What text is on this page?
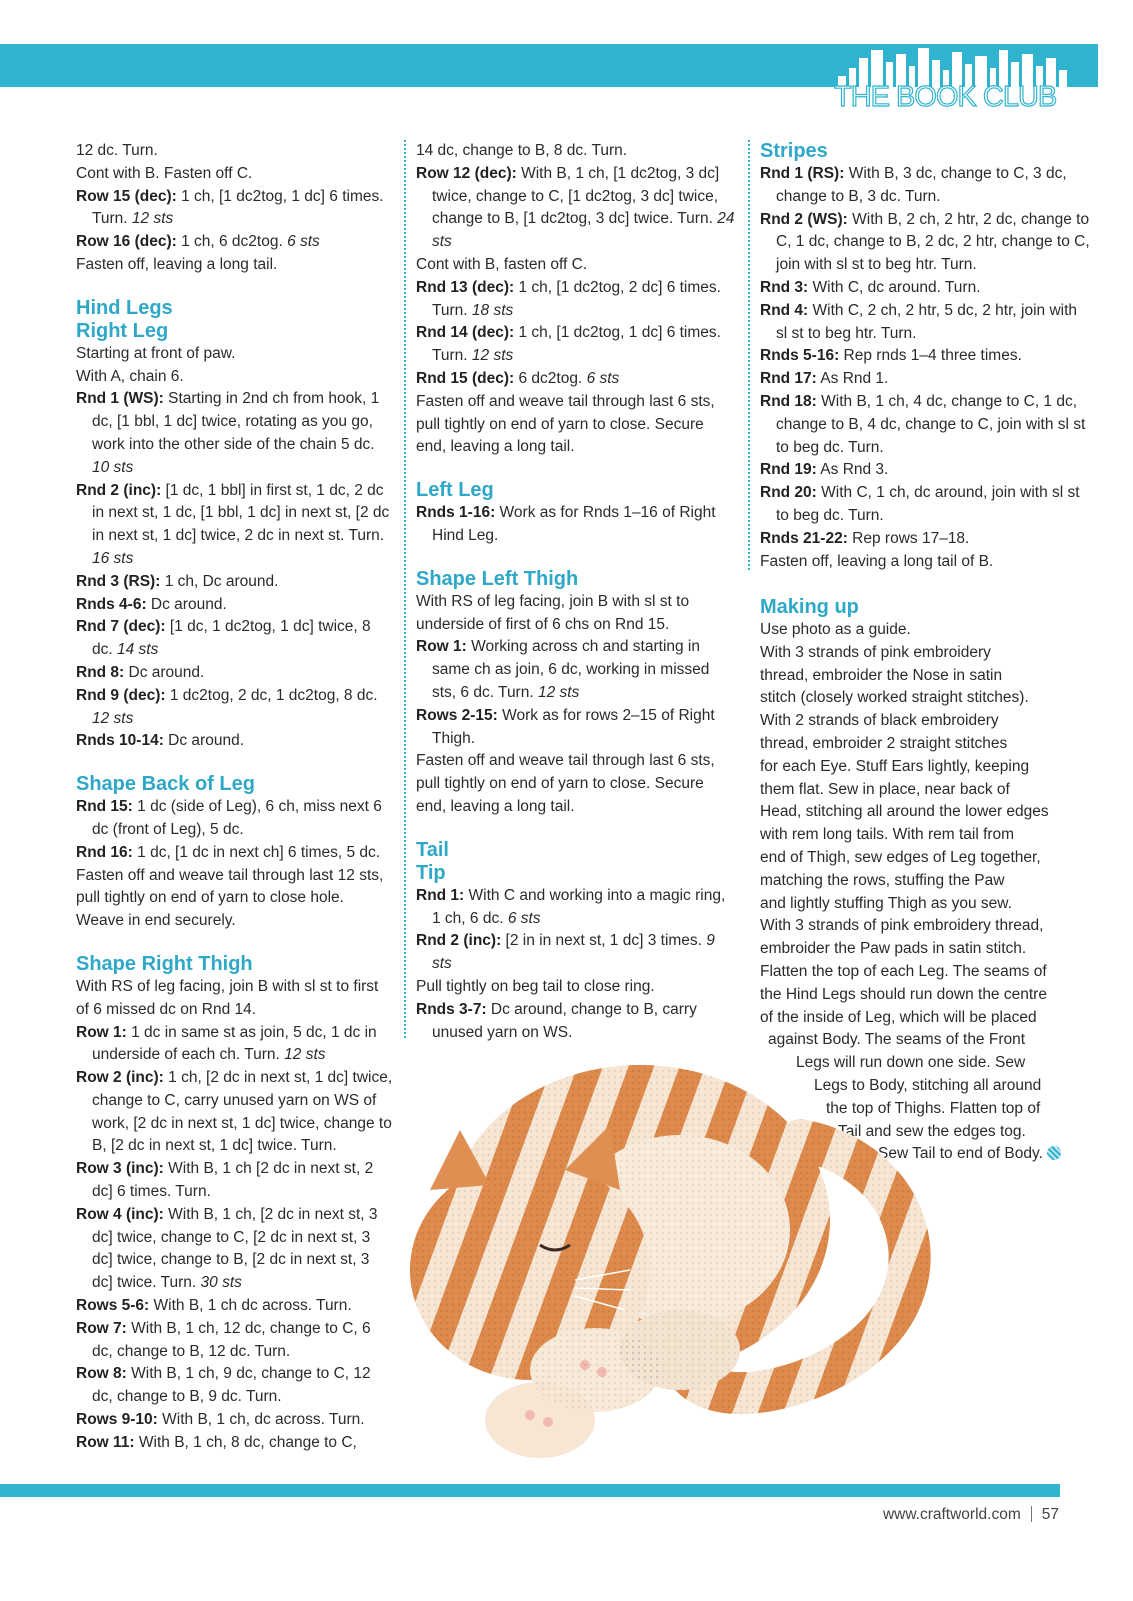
THE BOOK CLUB

12 dc. Turn.

Cont with B. Fasten off C.

Row 15 (dec): 1 ch, [1 dc2tog, 1 dc] 6 times. Turn. 12 sts

Row 16 (dec): 1 ch, 6 dc2tog. 6 sts

Fasten off, leaving a long tail.

Hind Legs
Right Leg

Starting at front of paw.

With A, chain 6.

Rnd 1 (WS): Starting in 2nd ch from hook, 1 dc, [1 bbl, 1 dc] twice, rotating as you go, work into the other side of the chain 5 dc. 10 sts

Rnd 2 (inc): [1 dc, 1 bbl] in first st, 1 dc, 2 dc in next st, 1 dc, [1 bbl, 1 dc] in next st, [2 dc in next st, 1 dc] twice, 2 dc in next st. Turn. 16 sts

Rnd 3 (RS): 1 ch, Dc around.

Rnds 4-6: Dc around.

Rnd 7 (dec): [1 dc, 1 dc2tog, 1 dc] twice, 8 dc. 14 sts

Rnd 8: Dc around.

Rnd 9 (dec): 1 dc2tog, 2 dc, 1 dc2tog, 8 dc. 12 sts

Rnds 10-14: Dc around.

Shape Back of Leg

Rnd 15: 1 dc (side of Leg), 6 ch, miss next 6 dc (front of Leg), 5 dc.

Rnd 16: 1 dc, [1 dc in next ch] 6 times, 5 dc.

Fasten off and weave tail through last 12 sts, pull tightly on end of yarn to close hole. Weave in end securely.

Shape Right Thigh

With RS of leg facing, join B with sl st to first of 6 missed dc on Rnd 14.

Row 1: 1 dc in same st as join, 5 dc, 1 dc in underside of each ch. Turn. 12 sts

Row 2 (inc): 1 ch, [2 dc in next st, 1 dc] twice, change to C, carry unused yarn on WS of work, [2 dc in next st, 1 dc] twice, change to B, [2 dc in next st, 1 dc] twice. Turn.

Row 3 (inc): With B, 1 ch [2 dc in next st, 2 dc] 6 times. Turn.

Row 4 (inc): With B, 1 ch, [2 dc in next st, 3 dc] twice, change to C, [2 dc in next st, 3 dc] twice, change to B, [2 dc in next st, 3 dc] twice. Turn. 30 sts

Rows 5-6: With B, 1 ch dc across. Turn.

Row 7: With B, 1 ch, 12 dc, change to C, 6 dc, change to B, 12 dc. Turn.

Row 8: With B, 1 ch, 9 dc, change to C, 12 dc, change to B, 9 dc. Turn.

Rows 9-10: With B, 1 ch, dc across. Turn.

Row 11: With B, 1 ch, 8 dc, change to C,

14 dc, change to B, 8 dc. Turn.

Row 12 (dec): With B, 1 ch, [1 dc2tog, 3 dc] twice, change to C, [1 dc2tog, 3 dc] twice, change to B, [1 dc2tog, 3 dc] twice. Turn. 24 sts

Cont with B, fasten off C.

Rnd 13 (dec): 1 ch, [1 dc2tog, 2 dc] 6 times. Turn. 18 sts

Rnd 14 (dec): 1 ch, [1 dc2tog, 1 dc] 6 times. Turn. 12 sts

Rnd 15 (dec): 6 dc2tog. 6 sts

Fasten off and weave tail through last 6 sts, pull tightly on end of yarn to close. Secure end, leaving a long tail.

Left Leg

Rnds 1-16: Work as for Rnds 1–16 of Right Hind Leg.

Shape Left Thigh

With RS of leg facing, join B with sl st to underside of first of 6 chs on Rnd 15.

Row 1: Working across ch and starting in same ch as join, 6 dc, working in missed sts, 6 dc. Turn. 12 sts

Rows 2-15: Work as for rows 2–15 of Right Thigh.

Fasten off and weave tail through last 6 sts, pull tightly on end of yarn to close. Secure end, leaving a long tail.

Tail
Tip

Rnd 1: With C and working into a magic ring, 1 ch, 6 dc. 6 sts

Rnd 2 (inc): [2 in in next st, 1 dc] 3 times. 9 sts

Pull tightly on beg tail to close ring.

Rnds 3-7: Dc around, change to B, carry unused yarn on WS.

Stripes

Rnd 1 (RS): With B, 3 dc, change to C, 3 dc, change to B, 3 dc. Turn.

Rnd 2 (WS): With B, 2 ch, 2 htr, 2 dc, change to C, 1 dc, change to B, 2 dc, 2 htr, change to C, join with sl st to beg htr. Turn.

Rnd 3: With C, dc around. Turn.

Rnd 4: With C, 2 ch, 2 htr, 5 dc, 2 htr, join with sl st to beg htr. Turn.

Rnds 5-16: Rep rnds 1–4 three times.

Rnd 17: As Rnd 1.

Rnd 18: With B, 1 ch, 4 dc, change to C, 1 dc, change to B, 4 dc, change to C, join with sl st to beg dc. Turn.

Rnd 19: As Rnd 3.

Rnd 20: With C, 1 ch, dc around, join with sl st to beg dc. Turn.

Rnds 21-22: Rep rows 17–18.

Fasten off, leaving a long tail of B.

Making up

Use photo as a guide.

With 3 strands of pink embroidery

thread, embroider the Nose in satin

stitch (closely worked straight stitches).

With 2 strands of black embroidery

thread, embroider 2 straight stitches

for each Eye. Stuff Ears lightly, keeping

them flat. Sew in place, near back of

Head, stitching all around the lower edges

with rem long tails. With rem tail from

end of Thigh, sew edges of Leg together,

matching the rows, stuffing the Paw

and lightly stuffing Thigh as you sew.

With 3 strands of pink embroidery thread,

embroider the Paw pads in satin stitch.

Flatten the top of each Leg. The seams of

the Hind Legs should run down the centre

of the inside of Leg, which will be placed

against Body. The seams of the Front

Legs will run down one side. Sew

Legs to Body, stitching all around

the top of Thighs. Flatten top of

Tail and sew the edges tog.

Sew Tail to end of Body.

www.craftworld.com 57
